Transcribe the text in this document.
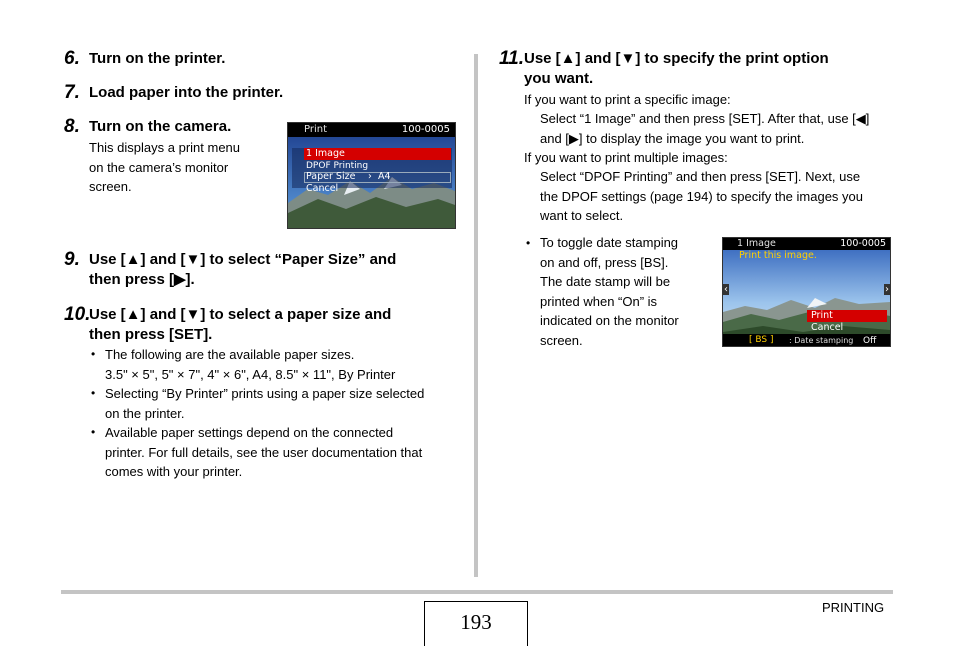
6. Turn on the printer.
7. Load paper into the printer.
8. Turn on the camera.
This displays a print menu
on the camera’s monitor
screen.
Print	100-0005
1 Image
DPOF Printing
Paper Size › A4
Cancel
9. Use [▲] and [▼] to select “Paper Size” and
then press [▶].
10.
Use [▲] and [▼] to select a paper size and
then press [SET].
• The following are the available paper sizes.
3.5" × 5", 5" × 7", 4" × 6", A4, 8.5" × 11", By Printer
• Selecting “By Printer” prints using a paper size selected
on the printer.
• Available paper settings depend on the connected
printer. For full details, see the user documentation that
comes with your printer.
11. Use [▲] and [▼] to specify the print option
you want.
If you want to print a specific image:
Select “1 Image” and then press [SET]. After that, use [◀]
and [▶] to display the image you want to print.
If you want to print multiple images:
Select “DPOF Printing” and then press [SET]. Next, use
the DPOF settings (page 194) to specify the images you
want to select.
• To toggle date stamping
on and off, press [BS].
The date stamp will be
printed when “On” is
indicated on the monitor
screen.
1 Image	100-0005
Print this image.
‹	›
Print
Cancel
[ BS ] : Date stamping Off
193
PRINTING
